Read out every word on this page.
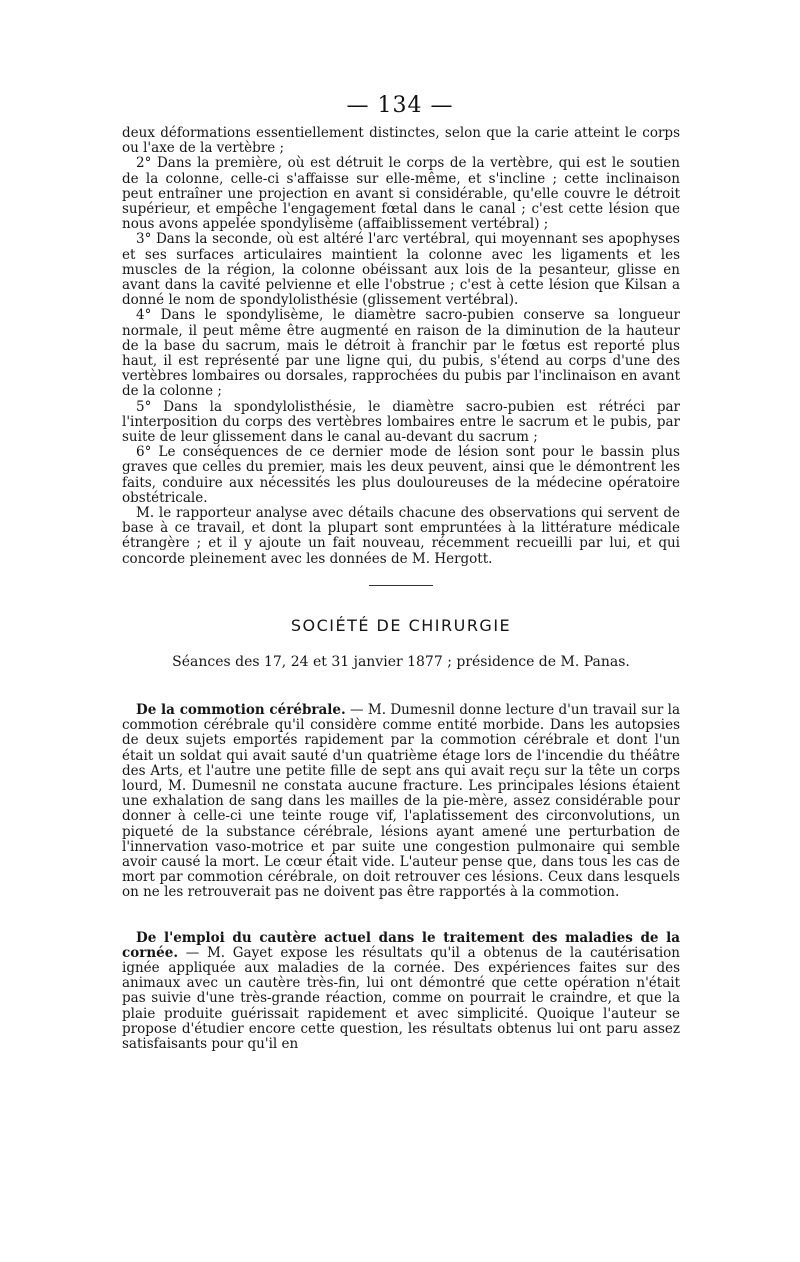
— 134 —

deux déformations essentiellement distinctes, selon que la carie atteint le corps ou l'axe de la vertèbre ;

2° Dans la première, où est détruit le corps de la vertèbre, qui est le soutien de la colonne, celle-ci s'affaisse sur elle-même, et s'incline ; cette inclinaison peut entraîner une projection en avant si considérable, qu'elle couvre le détroit supérieur, et empêche l'engagement fœtal dans le canal ; c'est cette lésion que nous avons appelée spondylisème (affaiblissement vertébral) ;

3° Dans la seconde, où est altéré l'arc vertébral, qui moyennant ses apophyses et ses surfaces articulaires maintient la colonne avec les ligaments et les muscles de la région, la colonne obéissant aux lois de la pesanteur, glisse en avant dans la cavité pelvienne et elle l'obstrue ; c'est à cette lésion que Kilsan a donné le nom de spondylolisthésie (glissement vertébral).

4° Dans le spondylisème, le diamètre sacro-pubien conserve sa longueur normale, il peut même être augmenté en raison de la diminution de la hauteur de la base du sacrum, mais le détroit à franchir par le fœtus est reporté plus haut, il est représenté par une ligne qui, du pubis, s'étend au corps d'une des vertèbres lombaires ou dorsales, rapprochées du pubis par l'inclinaison en avant de la colonne ;

5° Dans la spondylolisthésie, le diamètre sacro-pubien est rétréci par l'interposition du corps des vertèbres lombaires entre le sacrum et le pubis, par suite de leur glissement dans le canal au-devant du sacrum ;

6° Le conséquences de ce dernier mode de lésion sont pour le bassin plus graves que celles du premier, mais les deux peuvent, ainsi que le démontrent les faits, conduire aux nécessités les plus douloureuses de la médecine opératoire obstétricale.

M. le rapporteur analyse avec détails chacune des observations qui servent de base à ce travail, et dont la plupart sont empruntées à la littérature médicale étrangère ; et il y ajoute un fait nouveau, récemment recueilli par lui, et qui concorde pleinement avec les données de M. Hergott.

SOCIÉTÉ DE CHIRURGIE
Séances des 17, 24 et 31 janvier 1877 ; présidence de M. Panas.

De la commotion cérébrale. — M. Dumesnil donne lecture d'un travail sur la commotion cérébrale qu'il considère comme entité morbide. Dans les autopsies de deux sujets emportés rapidement par la commotion cérébrale et dont l'un était un soldat qui avait sauté d'un quatrième étage lors de l'incendie du théâtre des Arts, et l'autre une petite fille de sept ans qui avait reçu sur la tête un corps lourd, M. Dumesnil ne constata aucune fracture. Les principales lésions étaient une exhalation de sang dans les mailles de la pie-mère, assez considérable pour donner à celle-ci une teinte rouge vif, l'aplatissement des circonvolutions, un piqueté de la substance cérébrale, lésions ayant amené une perturbation de l'innervation vaso-motrice et par suite une congestion pulmonaire qui semble avoir causé la mort. Le cœur était vide. L'auteur pense que, dans tous les cas de mort par commotion cérébrale, on doit retrouver ces lésions. Ceux dans lesquels on ne les retrouverait pas ne doivent pas être rapportés à la commotion.

De l'emploi du cautère actuel dans le traitement des maladies de la cornée. — M. Gayet expose les résultats qu'il a obtenus de la cautérisation ignée appliquée aux maladies de la cornée. Des expériences faites sur des animaux avec un cautère très-fin, lui ont démontré que cette opération n'était pas suivie d'une très-grande réaction, comme on pourrait le craindre, et que la plaie produite guérissait rapidement et avec simplicité. Quoique l'auteur se propose d'étudier encore cette question, les résultats obtenus lui ont paru assez satisfaisants pour qu'il en
